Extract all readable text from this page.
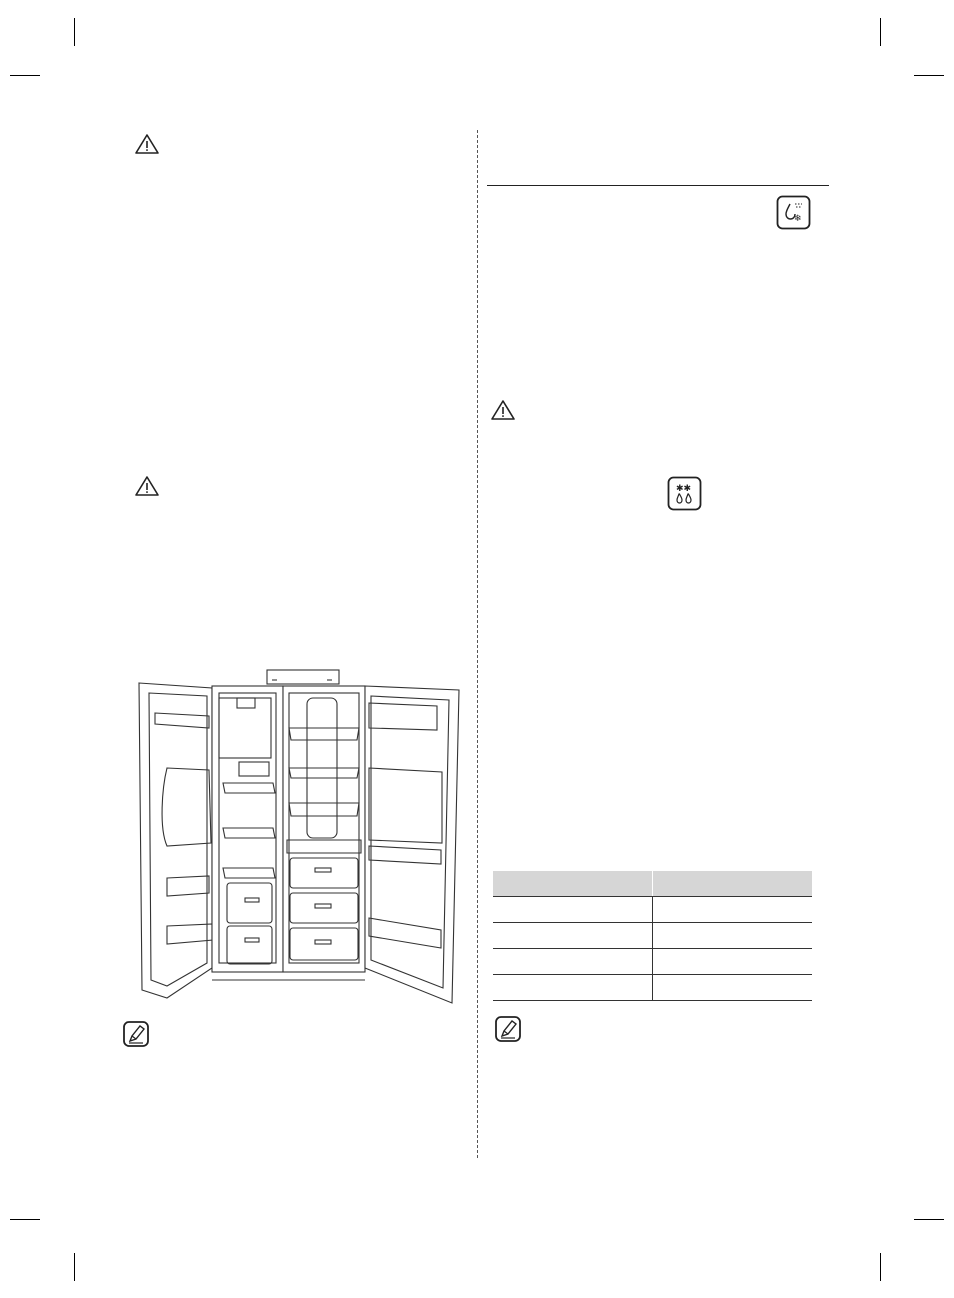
❄
✱✱
